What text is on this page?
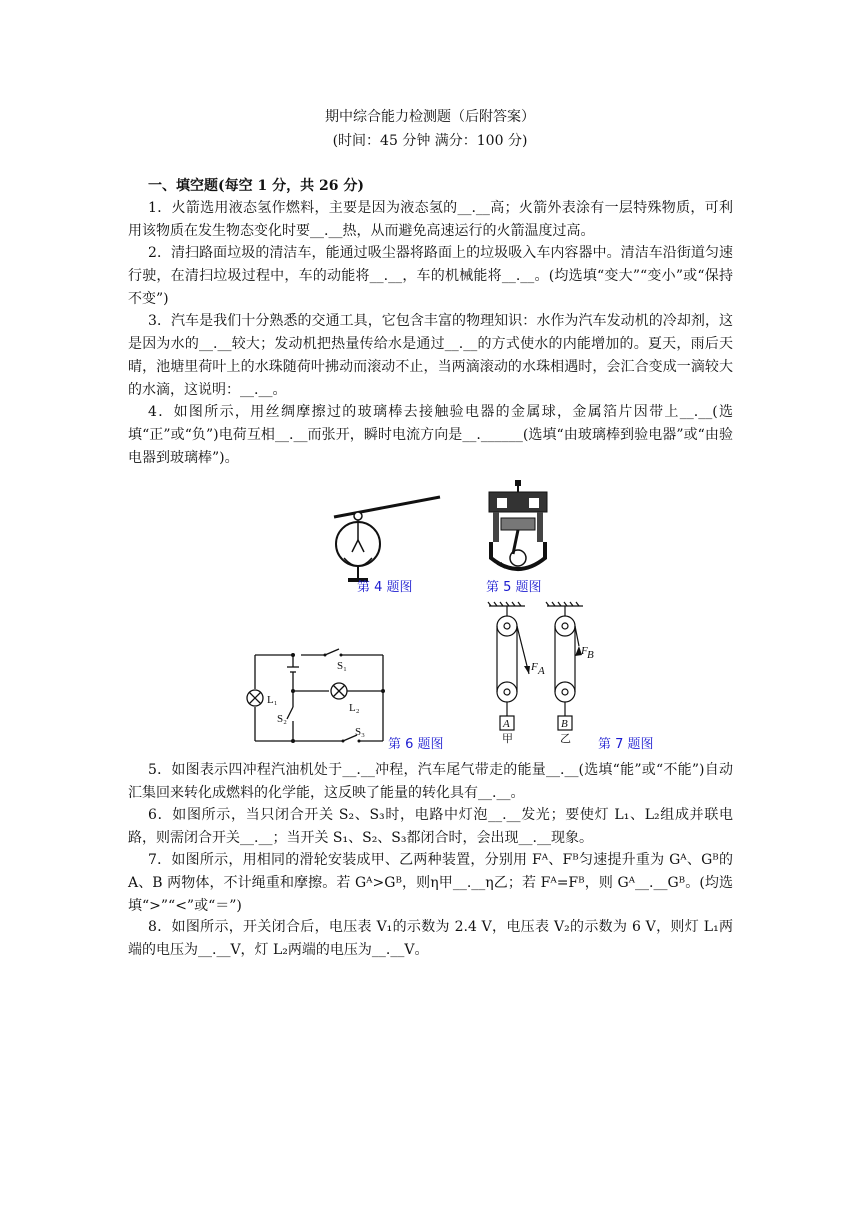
期中综合能力检测题（后附答案）
(时间：45 分钟 满分：100 分)
一、填空题(每空 1 分，共 26 分)
1．火箭选用液态氢作燃料，主要是因为液态氢的__.__高；火箭外表涂有一层特殊物质，可利用该物质在发生物态变化时要__.__热，从而避免高速运行的火箭温度过高。
2．清扫路面垃圾的清洁车，能通过吸尘器将路面上的垃圾吸入车内容器中。清洁车沿街道匀速行驶，在清扫垃圾过程中，车的动能将__.__，车的机械能将__.__。(均选填“变大”“变小”或“保持不变”)
3．汽车是我们十分熟悉的交通工具，它包含丰富的物理知识：水作为汽车发动机的冷却剂，这是因为水的__.__较大；发动机把热量传给水是通过__.__的方式使水的内能增加的。夏天，雨后天晴，池塘里荷叶上的水珠随荷叶拂动而滚动不止，当两滴滚动的水珠相遇时，会汇合变成一滴较大的水滴，这说明：__.__。
4．如图所示，用丝绸摩擦过的玻璃棒去接触验电器的金属球，金属箔片因带上__.__(选填“正”或“负”)电荷互相__.__而张开，瞬时电流方向是__.______(选填“由玻璃棒到验电器”或“由验电器到玻璃棒”)。
第 4 题图	第 5 题图
S₁
S₂
S₃
L₁
L₂
第 6 题图
F A
F B
A	B
甲	乙 第 7 题图
5．如图表示四冲程汽油机处于__.__冲程，汽车尾气带走的能量__.__(选填“能”或“不能”)自动汇集回来转化成燃料的化学能，这反映了能量的转化具有__.__。
6．如图所示，当只闭合开关 S₂、S₃时，电路中灯泡__.__发光；要使灯 L₁、L₂组成并联电路，则需闭合开关__.__；当开关 S₁、S₂、S₃都闭合时，会出现__.__现象。
7．如图所示，用相同的滑轮安装成甲、乙两种装置，分别用 Fᴬ、Fᴮ匀速提升重为 Gᴬ、Gᴮ的 A、B 两物体，不计绳重和摩擦。若 Gᴬ>Gᴮ，则η甲__.__η乙；若 Fᴬ=Fᴮ，则 Gᴬ__.__Gᴮ。(均选填“>”“<”或“＝”)
8．如图所示，开关闭合后，电压表 V₁的示数为 2.4 V，电压表 V₂的示数为 6 V，则灯 L₁两端的电压为__.__V，灯 L₂两端的电压为__.__V。
